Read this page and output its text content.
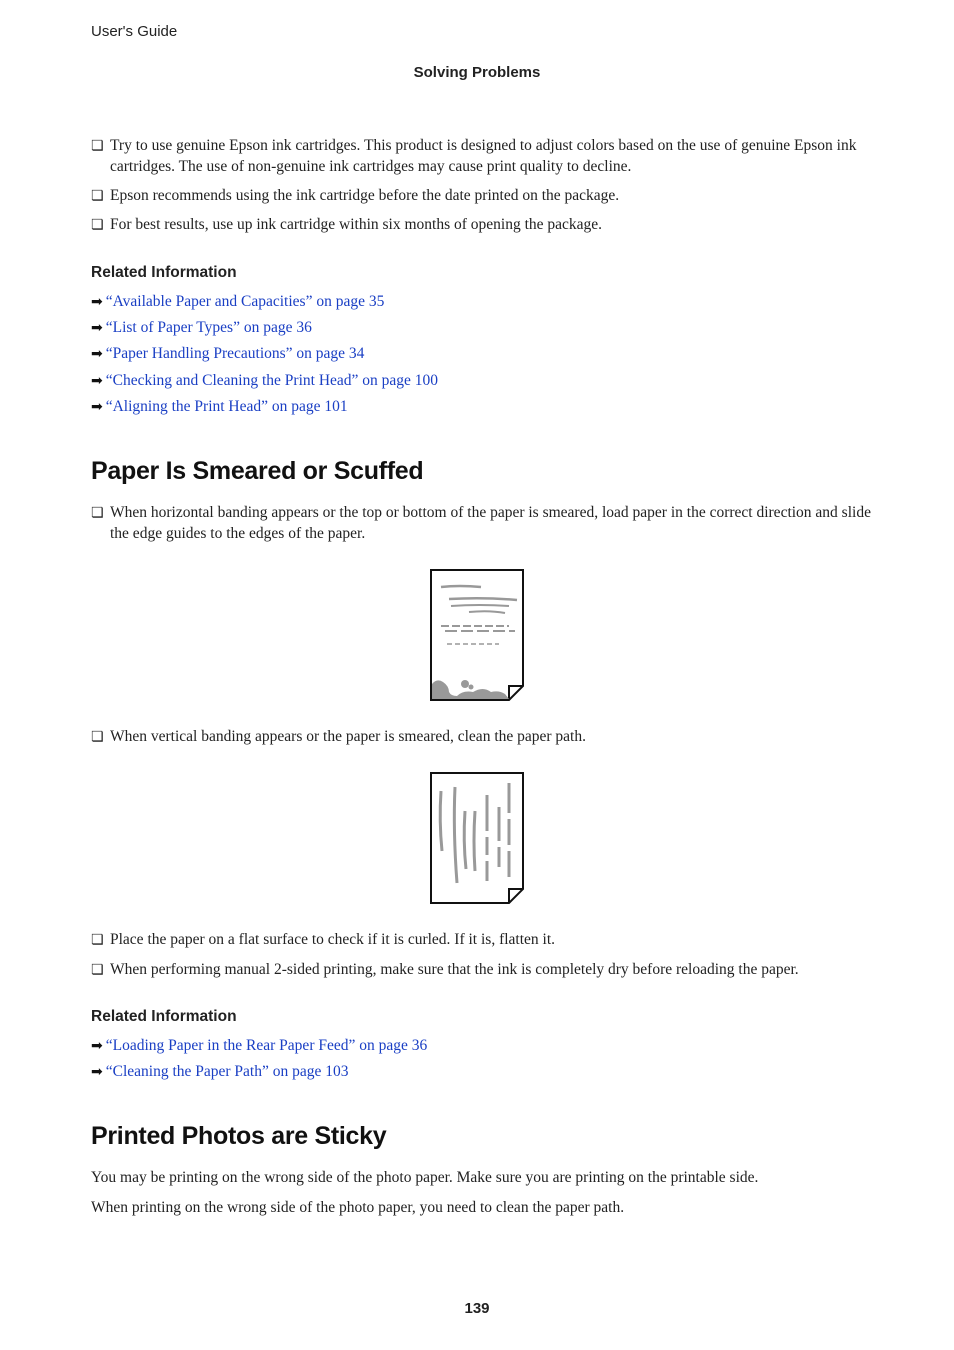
User's Guide
Solving Problems
❏ Try to use genuine Epson ink cartridges. This product is designed to adjust colors based on the use of genuine Epson ink cartridges. The use of non-genuine ink cartridges may cause print quality to decline.
❏ Epson recommends using the ink cartridge before the date printed on the package.
❏ For best results, use up ink cartridge within six months of opening the package.
Related Information
➡ “Available Paper and Capacities” on page 35
➡ “List of Paper Types” on page 36
➡ “Paper Handling Precautions” on page 34
➡ “Checking and Cleaning the Print Head” on page 100
➡ “Aligning the Print Head” on page 101
Paper Is Smeared or Scuffed
❏ When horizontal banding appears or the top or bottom of the paper is smeared, load paper in the correct direction and slide the edge guides to the edges of the paper.
❏ When vertical banding appears or the paper is smeared, clean the paper path.
❏ Place the paper on a flat surface to check if it is curled. If it is, flatten it.
❏ When performing manual 2-sided printing, make sure that the ink is completely dry before reloading the paper.
Related Information
➡ “Loading Paper in the Rear Paper Feed” on page 36
➡ “Cleaning the Paper Path” on page 103
Printed Photos are Sticky
You may be printing on the wrong side of the photo paper. Make sure you are printing on the printable side.
When printing on the wrong side of the photo paper, you need to clean the paper path.
139
